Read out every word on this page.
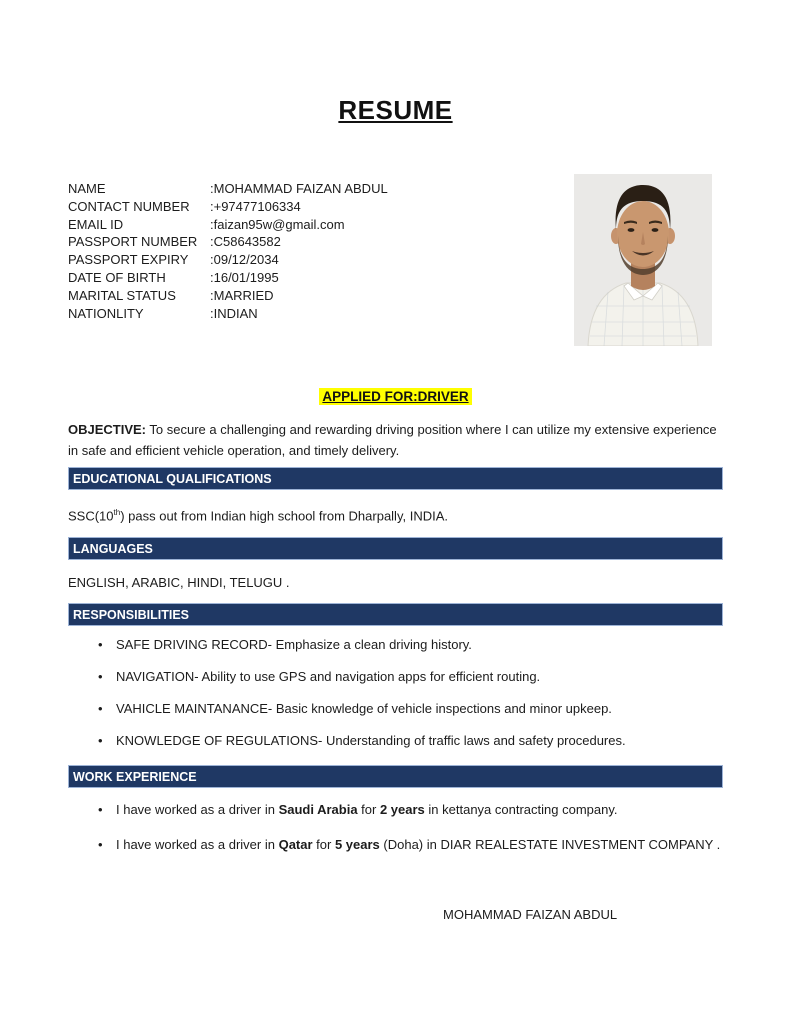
RESUME
NAME	:MOHAMMAD FAIZAN ABDUL
CONTACT NUMBER	:+97477106334
EMAIL ID	:faizan95w@gmail.com
PASSPORT NUMBER :C58643582
PASSPORT EXPIRY	:09/12/2034
DATE OF BIRTH	:16/01/1995
MARITAL STATUS	:MARRIED
NATIONLITY	:INDIAN
APPLIED FOR:DRIVER
OBJECTIVE: To secure a challenging and rewarding driving position where I can utilize my extensive experience in safe and efficient vehicle operation, and timely delivery.
EDUCATIONAL QUALIFICATIONS
SSC(10th) pass out from Indian high school from Dharpally, INDIA.
LANGUAGES
ENGLISH, ARABIC, HINDI, TELUGU .
RESPONSIBILITIES
•	SAFE DRIVING RECORD- Emphasize a clean driving history.
•	NAVIGATION- Ability to use GPS and navigation apps for efficient routing.
•	VAHICLE MAINTANANCE- Basic knowledge of vehicle inspections and minor upkeep.
•	KNOWLEDGE OF REGULATIONS- Understanding of traffic laws and safety procedures.
WORK EXPERIENCE
•	I have worked as a driver in Saudi Arabia for 2 years in kettanya contracting company.
•	I have worked as a driver in Qatar for 5 years (Doha) in DIAR REALESTATE INVESTMENT COMPANY .
MOHAMMAD FAIZAN ABDUL
